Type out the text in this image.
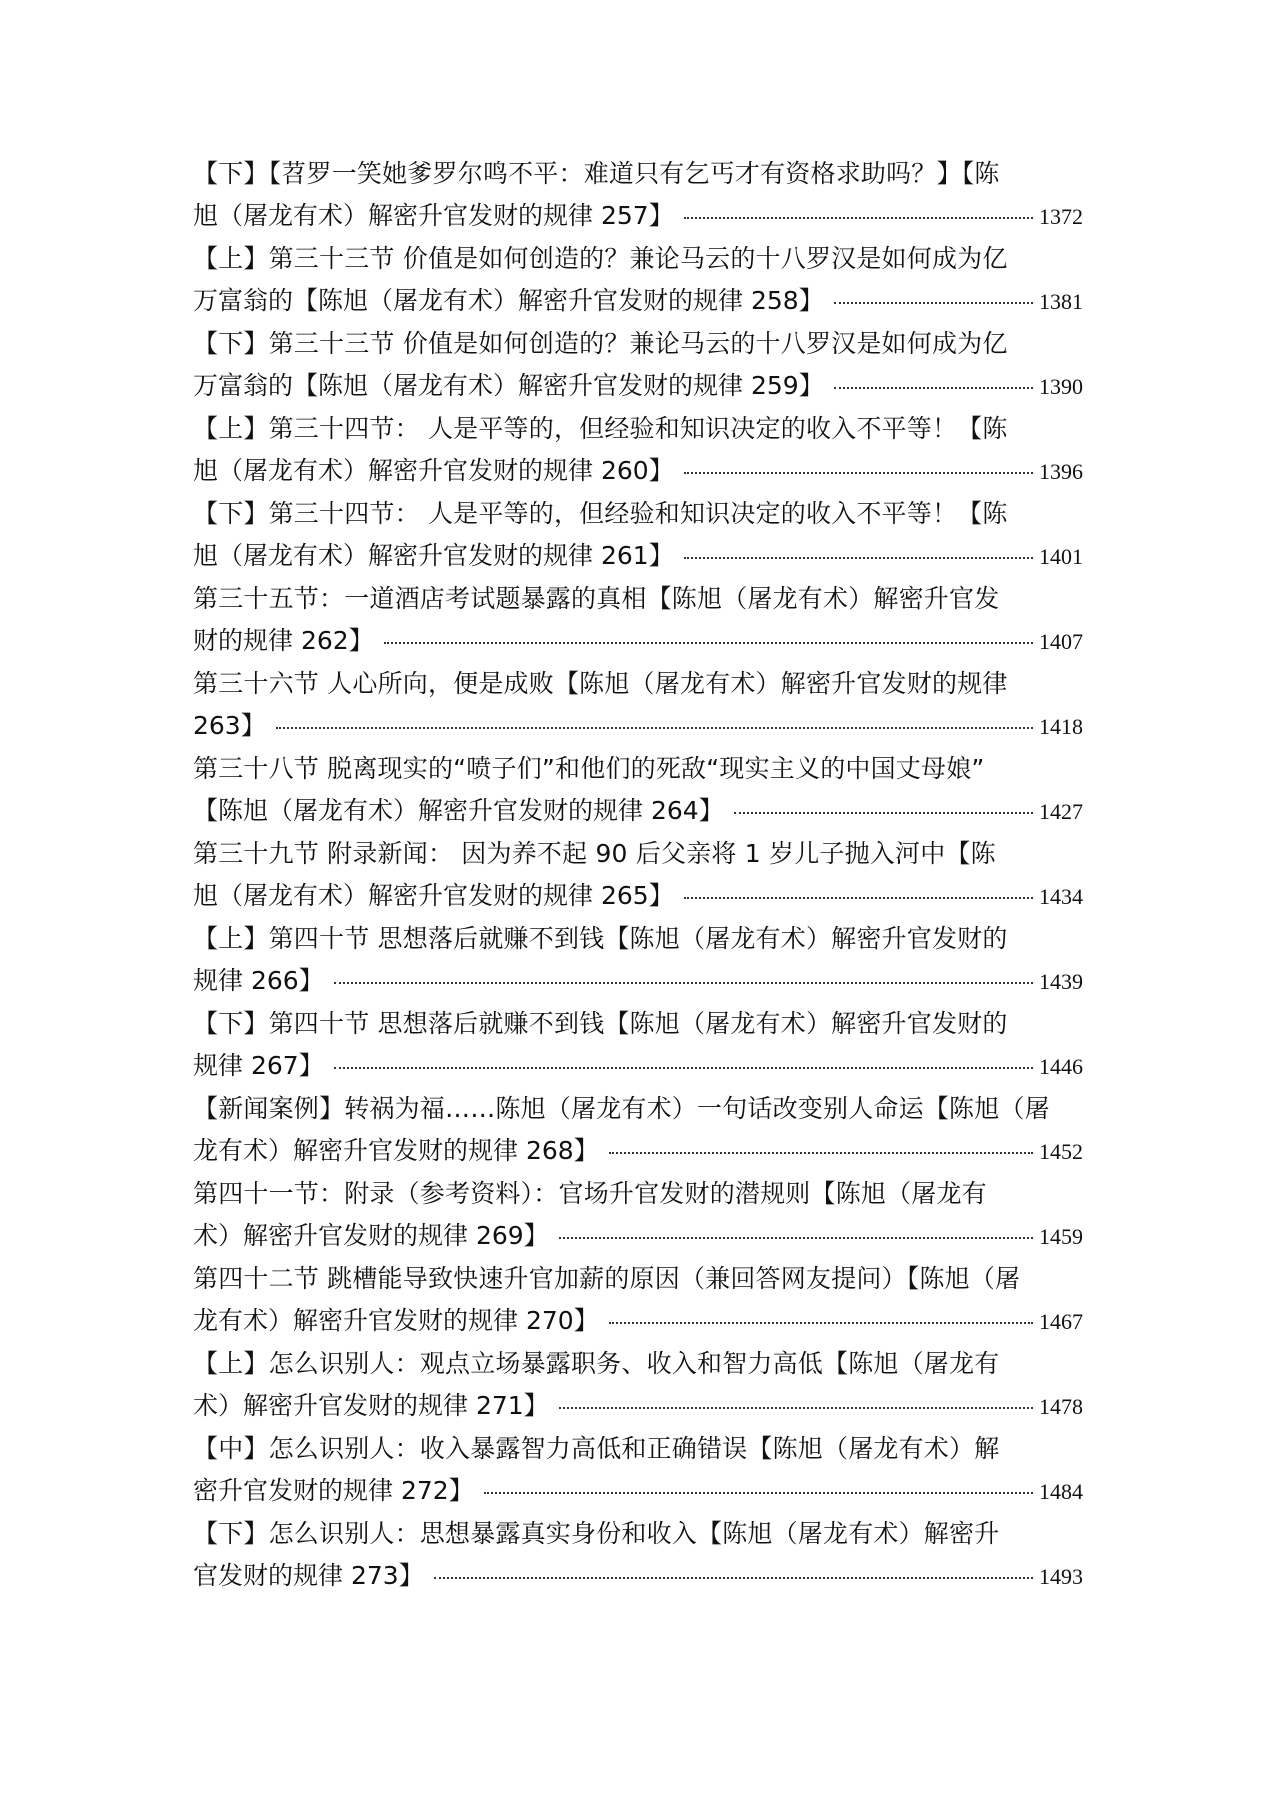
【下】【苕罗一笑她爹罗尔鸣不平：难道只有乞丐才有资格求助吗？】【陈
旭（屠龙有术）解密升官发财的规律 257】	1372
【上】第三十三节 价值是如何创造的？兼论马云的十八罗汉是如何成为亿
万富翁的【陈旭（屠龙有术）解密升官发财的规律 258】	1381
【下】第三十三节 价值是如何创造的？兼论马云的十八罗汉是如何成为亿
万富翁的【陈旭（屠龙有术）解密升官发财的规律 259】	1390
【上】第三十四节： 人是平等的，但经验和知识决定的收入不平等！【陈
旭（屠龙有术）解密升官发财的规律 260】	1396
【下】第三十四节： 人是平等的，但经验和知识决定的收入不平等！【陈
旭（屠龙有术）解密升官发财的规律 261】	1401
第三十五节：一道酒店考试题暴露的真相【陈旭（屠龙有术）解密升官发
财的规律 262】	1407
第三十六节 人心所向，便是成败【陈旭（屠龙有术）解密升官发财的规律
263】	1418
第三十八节 脱离现实的“喷子们”和他们的死敌“现实主义的中国丈母娘”
【陈旭（屠龙有术）解密升官发财的规律 264】	1427
第三十九节 附录新闻： 因为养不起 90 后父亲将 1 岁儿子抛入河中【陈
旭（屠龙有术）解密升官发财的规律 265】	1434
【上】第四十节 思想落后就赚不到钱【陈旭（屠龙有术）解密升官发财的
规律 266】	1439
【下】第四十节 思想落后就赚不到钱【陈旭（屠龙有术）解密升官发财的
规律 267】	1446
【新闻案例】转祸为福……陈旭（屠龙有术）一句话改变别人命运【陈旭（屠
龙有术）解密升官发财的规律 268】	1452
第四十一节：附录（参考资料）：官场升官发财的潜规则【陈旭（屠龙有
术）解密升官发财的规律 269】	1459
第四十二节 跳槽能导致快速升官加薪的原因（兼回答网友提问）【陈旭（屠
龙有术）解密升官发财的规律 270】	1467
【上】怎么识别人：观点立场暴露职务、收入和智力高低【陈旭（屠龙有
术）解密升官发财的规律 271】	1478
【中】怎么识别人：收入暴露智力高低和正确错误【陈旭（屠龙有术）解
密升官发财的规律 272】	1484
【下】怎么识别人：思想暴露真实身份和收入【陈旭（屠龙有术）解密升
官发财的规律 273】	1493
